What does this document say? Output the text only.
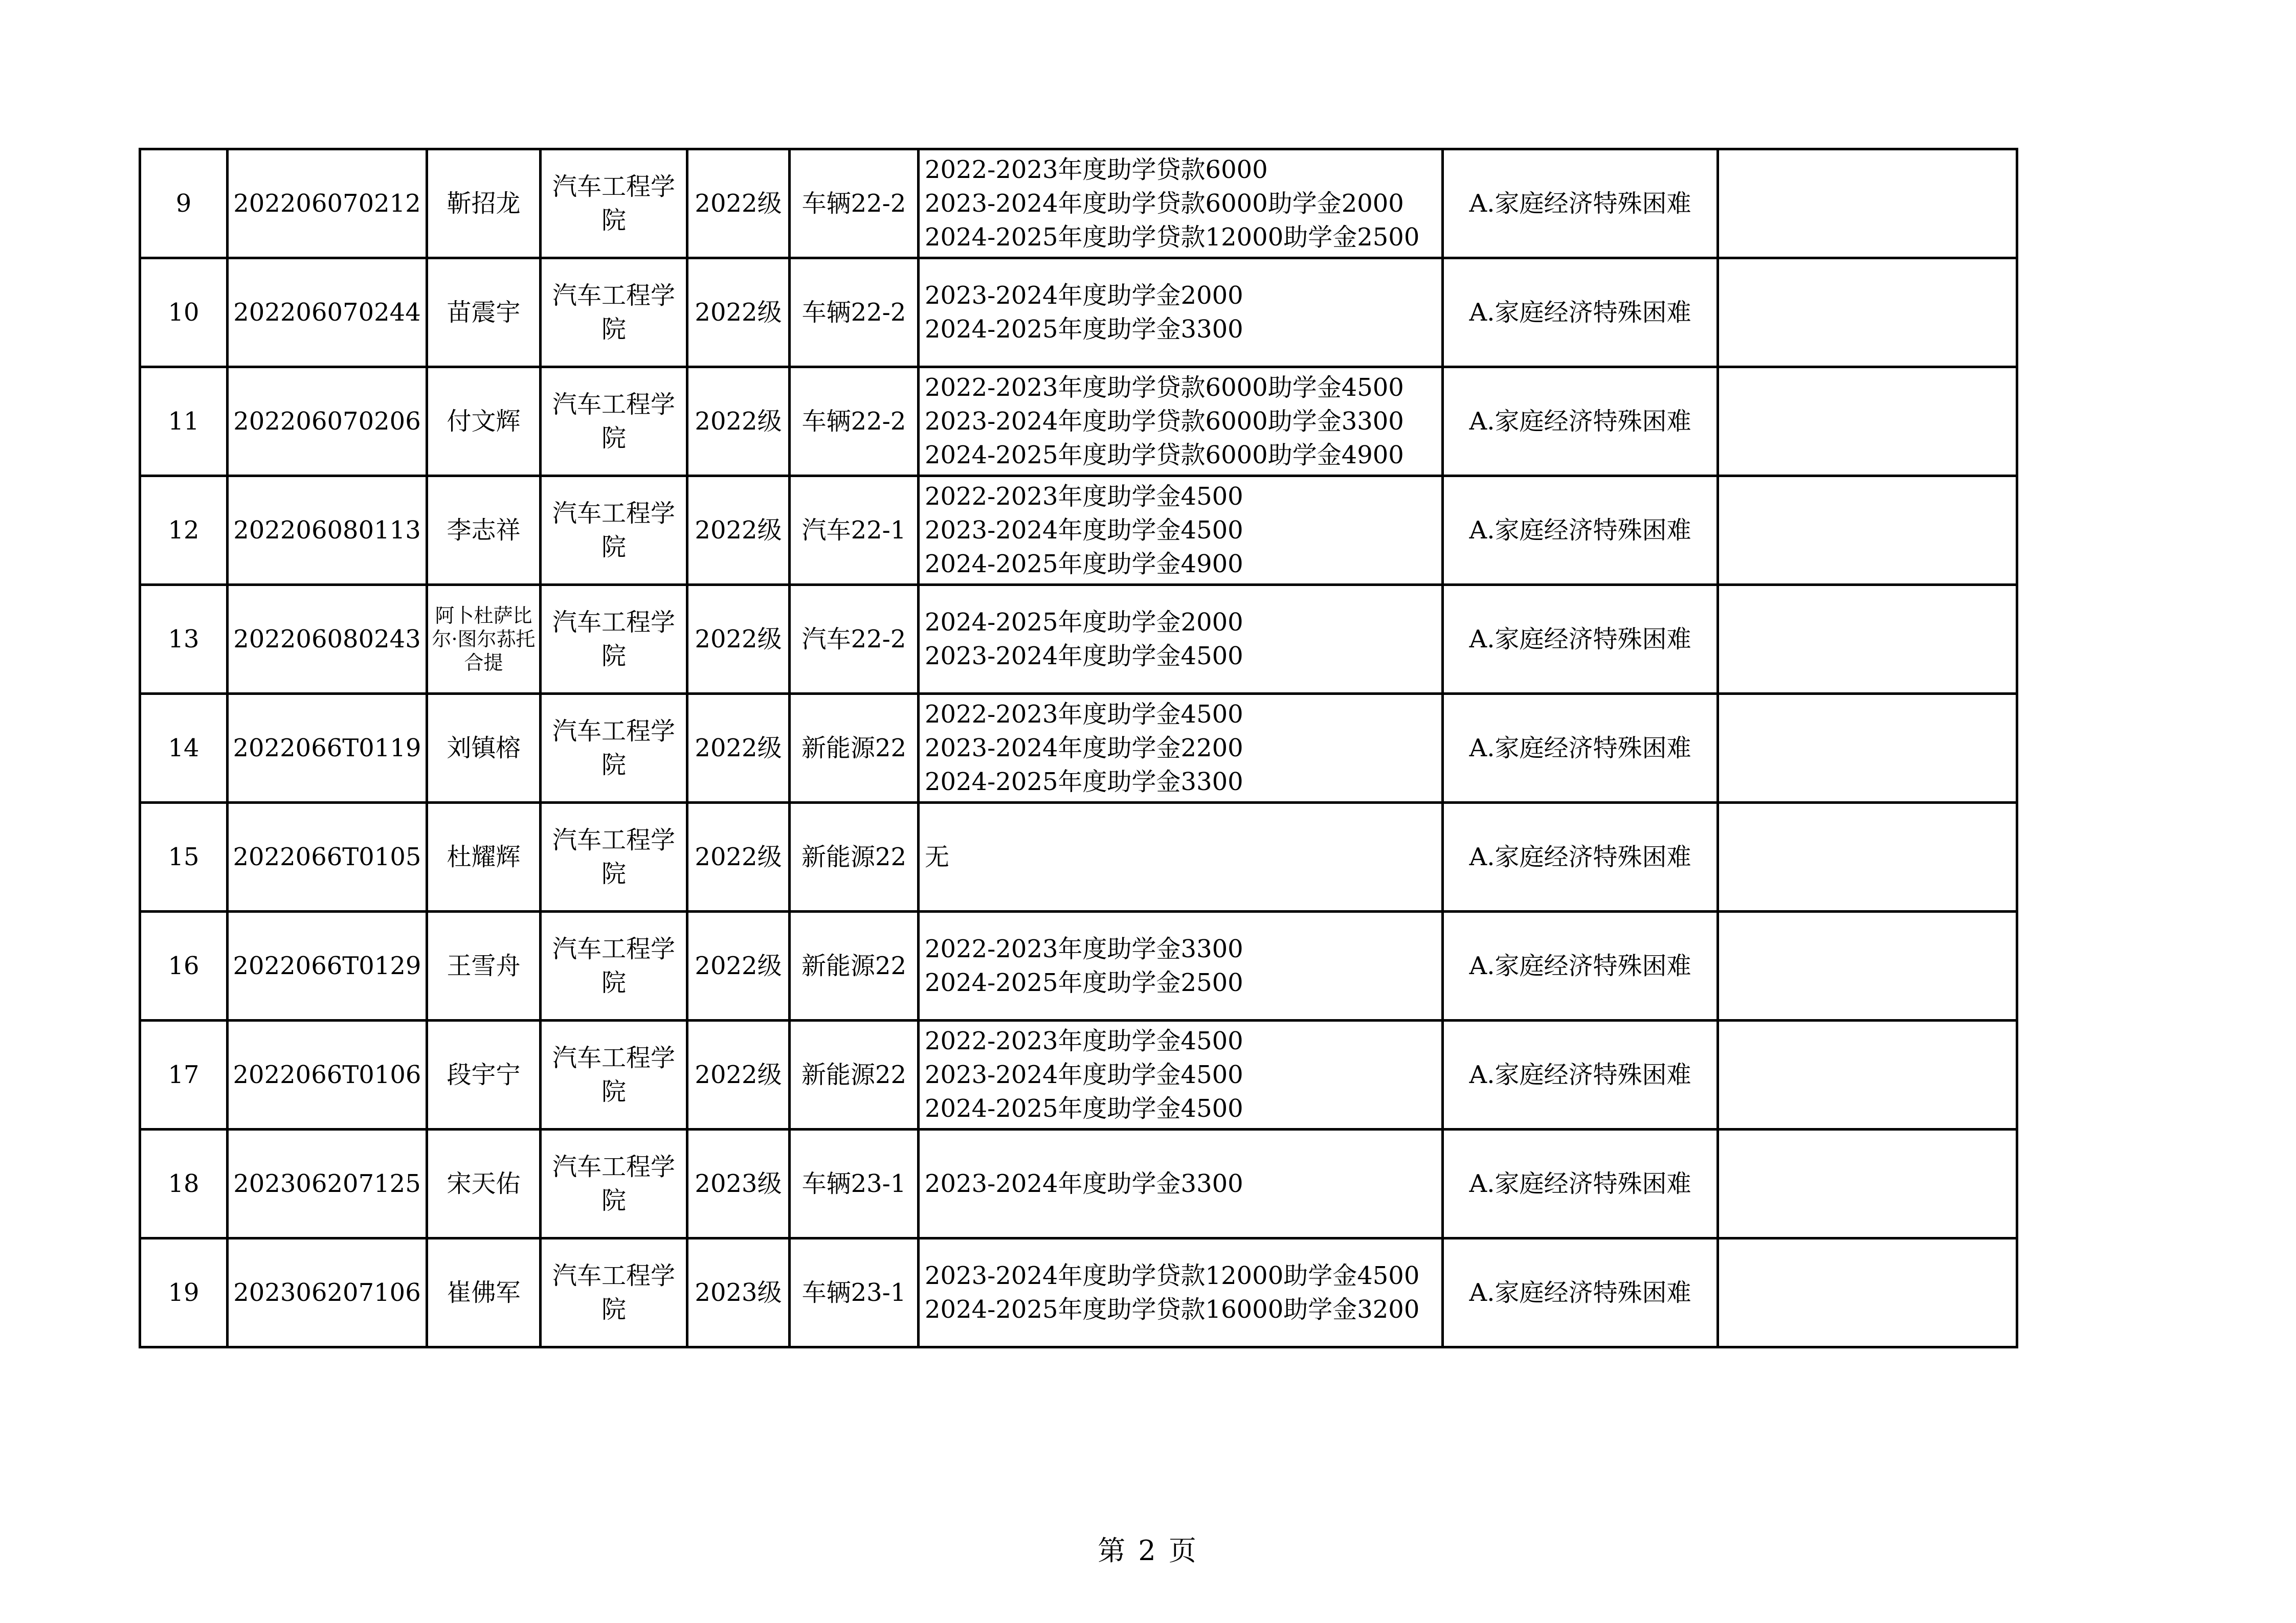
9	202206070212	靳招龙	汽车工程学院	2022级	车辆22-2	2022-2023年度助学贷款6000
2023-2024年度助学贷款6000助学金2000
2024-2025年度助学贷款12000助学金2500	A.家庭经济特殊困难	
10	202206070244	苗震宇	汽车工程学院	2022级	车辆22-2	2023-2024年度助学金2000
2024-2025年度助学金3300	A.家庭经济特殊困难	
11	202206070206	付文辉	汽车工程学院	2022级	车辆22-2	2022-2023年度助学贷款6000助学金4500
2023-2024年度助学贷款6000助学金3300
2024-2025年度助学贷款6000助学金4900	A.家庭经济特殊困难	
12	202206080113	李志祥	汽车工程学院	2022级	汽车22-1	2022-2023年度助学金4500
2023-2024年度助学金4500
2024-2025年度助学金4900	A.家庭经济特殊困难	
13	202206080243	阿卜杜萨比尔·图尔荪托合提	汽车工程学院	2022级	汽车22-2	2024-2025年度助学金2000
2023-2024年度助学金4500	A.家庭经济特殊困难	
14	2022066T0119	刘镇榕	汽车工程学院	2022级	新能源22	2022-2023年度助学金4500
2023-2024年度助学金2200
2024-2025年度助学金3300	A.家庭经济特殊困难	
15	2022066T0105	杜耀辉	汽车工程学院	2022级	新能源22	无	A.家庭经济特殊困难	
16	2022066T0129	王雪舟	汽车工程学院	2022级	新能源22	2022-2023年度助学金3300
2024-2025年度助学金2500	A.家庭经济特殊困难	
17	2022066T0106	段宇宁	汽车工程学院	2022级	新能源22	2022-2023年度助学金4500
2023-2024年度助学金4500
2024-2025年度助学金4500	A.家庭经济特殊困难	
18	202306207125	宋天佑	汽车工程学院	2023级	车辆23-1	2023-2024年度助学金3300	A.家庭经济特殊困难	
19	202306207106	崔佛军	汽车工程学院	2023级	车辆23-1	2023-2024年度助学贷款12000助学金4500
2024-2025年度助学贷款16000助学金3200	A.家庭经济特殊困难	
第 2 页
